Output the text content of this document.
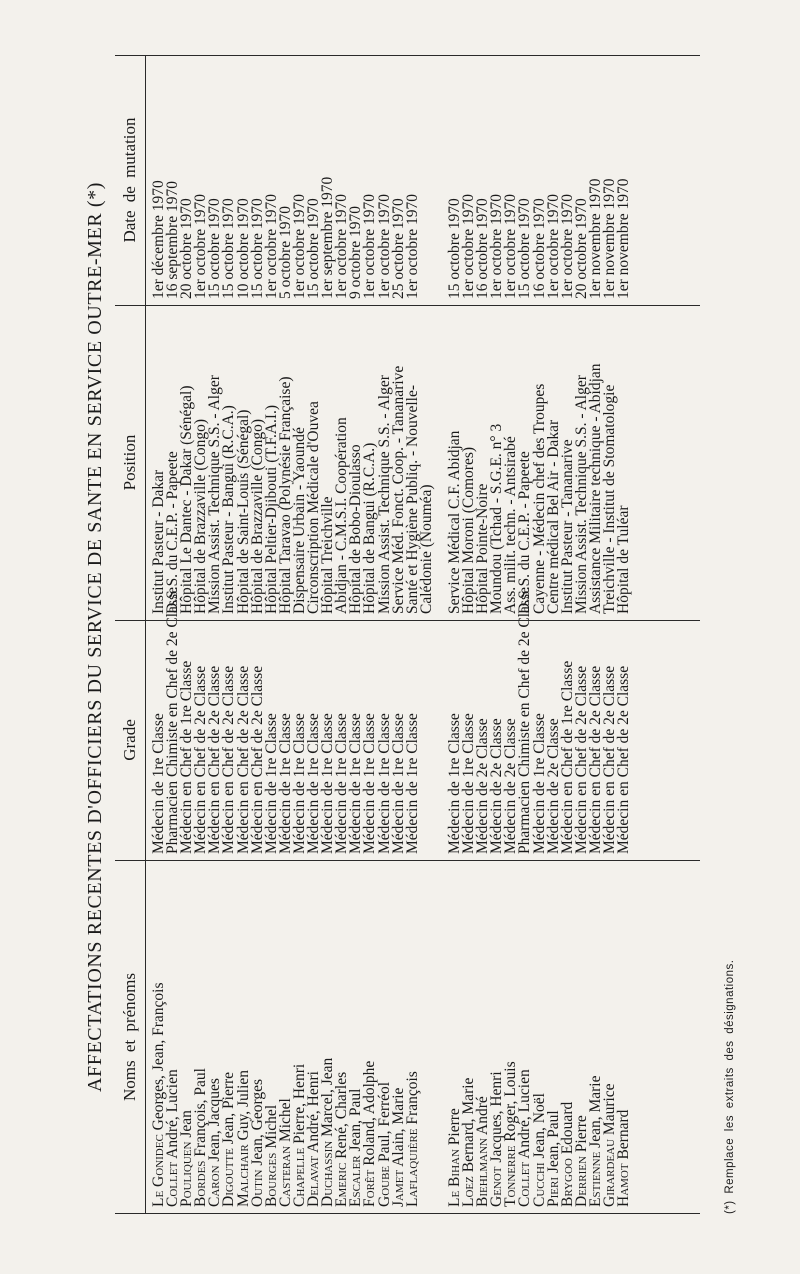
AFFECTATIONS RECENTES D'OFFICIERS DU SERVICE DE SANTE EN SERVICE OUTRE-MER (*) Noms et prénoms
Le Gonidec Georges, Jean, François
Collet André, Lucien
Pouliquen Jean
Bordes François, Paul
Caron Jean, Jacques
Digoutte Jean, Pierre
Malchair Guy, Julien
Outin Jean, Georges
Bourges Michel
Casteran Michel
Chapelle Pierre, Henri
Delavat André, Henri
Duchassin Marcel, Jean
Emeric René, Charles
Escaler Jean, Paul
Forêt Roland, Adolphe
Goube Paul, Ferréol
Jamet Alain, Marie
Laflaquière François
Le Bihan Pierre
Loez Bernard, Marie
Biehlmann André
Genot Jacques, Henri
Tonnerre Roger, Louis
Collet André, Lucien
Cucchi Jean, Noël
Pieri Jean, Paul
Brygoo Edouard
Derrien Pierre
Estienne Jean, Marie
Girardeau Maurice
Hamot Bernard
Grade Médecin de 1re Classe
Pharmacien Chimiste en Chef de 2e Classe
Médecin en Chef de 1re Classe
Médecin en Chef de 2e Classe
Médecin en Chef de 2e Classe
Médecin en Chef de 2e Classe
Médecin en Chef de 2e Classe
Médecin en Chef de 2e Classe
Médecin de 1re Classe
Médecin de 1re Classe
Médecin de 1re Classe
Médecin de 1re Classe
Médecin de 1re Classe
Médecin de 1re Classe
Médecin de 1re Classe
Médecin de 1re Classe
Médecin de 1re Classe
Médecin de 1re Classe
Médecin de 1re Classe Médecin de 1re Classe
Médecin de 1re Classe
Médecin de 2e Classe
Médecin de 2e Classe
Médecin de 2e Classe
Pharmacien Chimiste en Chef de 2e Classe
Médecin de 1re Classe
Médecin de 2e Classe
Médecin en Chef de 1re Classe
Médecin en Chef de 2e Classe
Médecin en Chef de 2e Classe
Médecin en Chef de 2e Classe
Médecin en Chef de 2e Classe
Position
Institut Pasteur - Dakar
D.S.S. du C.E.P. - Papeete
Hôpital Le Dantec - Dakar (Sénégal)
Hôpital de Brazzaville (Congo)
Mission Assist. Technique S.S. - Alger
Institut Pasteur - Bangui (R.C.A.)
Hôpital de Saint-Louis (Sénégal)
Hôpital de Brazzaville (Congo)
Hôpital Peltier-Djibouti (T.F.A.I.)
Hôpital Taravao (Polynésie Française)
Dispensaire Urbain - Yaoundé
Circonscription Médicale d'Ouvea
Hôpital Treichville
Abidjan - C.M.S.I. Coopération
Hôpital de Bobo-Dioulasso
Hôpital de Bangui (R.C.A.)
Mission Assist. Technique S.S. - Alger
Service Méd. Fonct. Coop. - Tananarive
Santé et Hygiène Publiq. - Nouvelle-
Calédonie (Nouméa) Service Médical C.F. Abidjan
Hôpital Moroni (Comores)
Hôpital Pointe-Noire
Moundou (Tchad - S.G.E. n° 3
Ass. milit. techn. - Antsirabé
D.S.S. du C.E.P. - Papeete
Cayenne - Médecin chef des Troupes
Centre médical Bel Air - Dakar
Institut Pasteur - Tananarive
Mission Assist. Technique S.S. - Alger
Assistance Militaire technique - Abidjan
Treichville - Institut de Stomatologie
Hôpital de Tuléar
Date de mutation 1er décembre 1970
16 septembre 1970
20 octobre 1970
1er octobre 1970
15 octobre 1970
15 octobre 1970
10 octobre 1970
15 octobre 1970
1er octobre 1970
5 octobre 1970
1er octobre 1970
15 octobre 1970
1er septembre 1970
1er octobre 1970
9 octobre 1970
1er octobre 1970
1er octobre 1970
25 octobre 1970
1er octobre 1970 15 octobre 1970
1er octobre 1970
16 octobre 1970
1er octobre 1970
1er octobre 1970
15 octobre 1970
16 octobre 1970
1er octobre 1970
1er octobre 1970
20 octobre 1970
1er novembre 1970
1er novembre 1970
1er novembre 1970
(*) Remplace les extraits des désignations.
